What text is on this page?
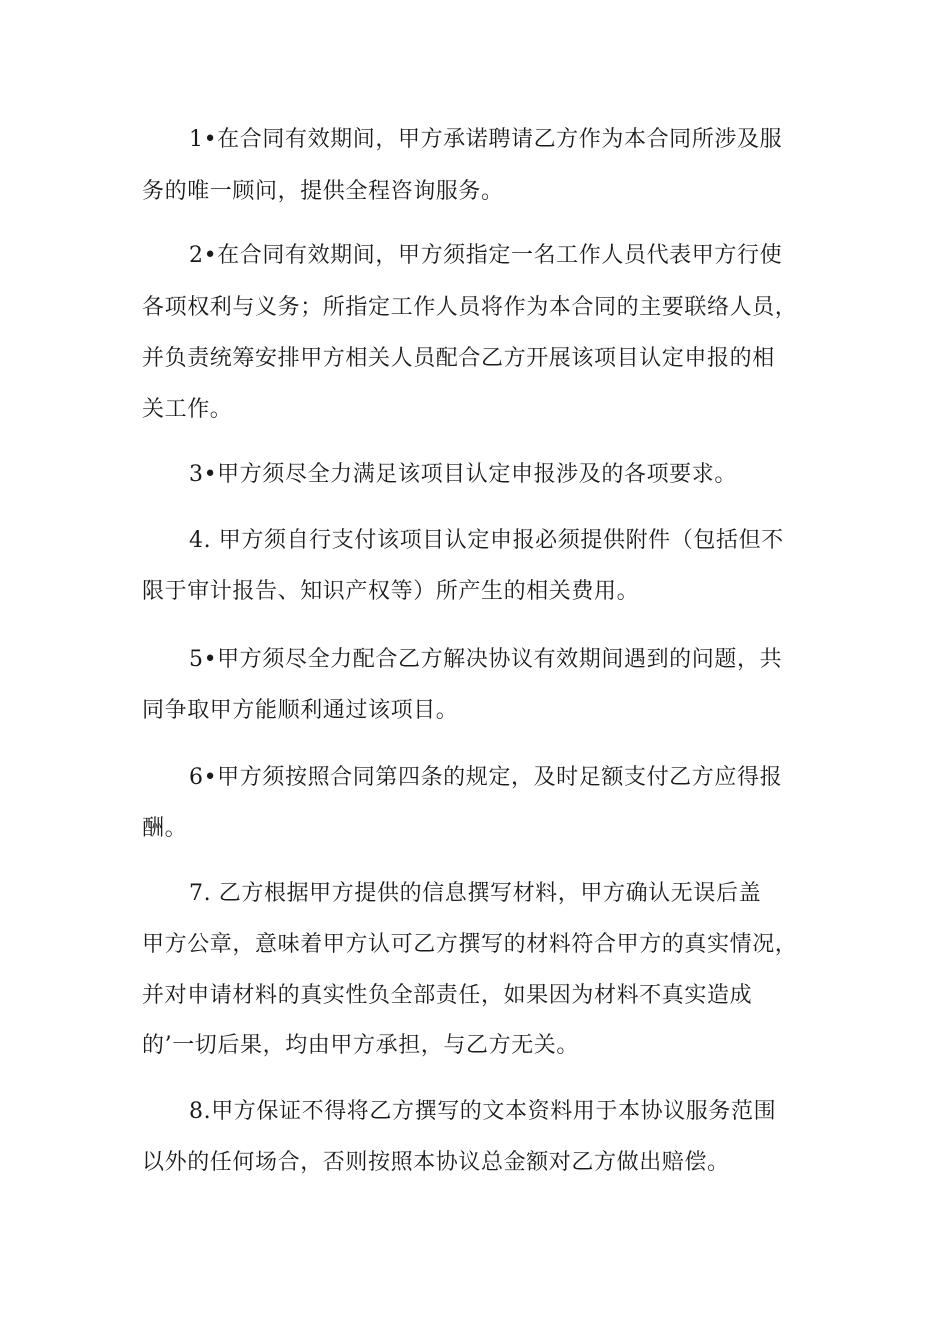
1•在合同有效期间，甲方承诺聘请乙方作为本合同所涉及服
务的唯一顾问，提供全程咨询服务。
2•在合同有效期间，甲方须指定一名工作人员代表甲方行使
各项权利与义务；所指定工作人员将作为本合同的主要联络人员，
并负责统筹安排甲方相关人员配合乙方开展该项目认定申报的相
关工作。
3•甲方须尽全力满足该项目认定申报涉及的各项要求。
4. 甲方须自行支付该项目认定申报必须提供附件（包括但不
限于审计报告、知识产权等）所产生的相关费用。
5•甲方须尽全力配合乙方解决协议有效期间遇到的问题，共
同争取甲方能顺利通过该项目。
6•甲方须按照合同第四条的规定，及时足额支付乙方应得报
酬。
7. 乙方根据甲方提供的信息撰写材料，甲方确认无误后盖
甲方公章，意味着甲方认可乙方撰写的材料符合甲方的真实情况，
并对申请材料的真实性负全部责任，如果因为材料不真实造成
的’一切后果，均由甲方承担，与乙方无关。
8.甲方保证不得将乙方撰写的文本资料用于本协议服务范围
以外的任何场合，否则按照本协议总金额对乙方做出赔偿。
